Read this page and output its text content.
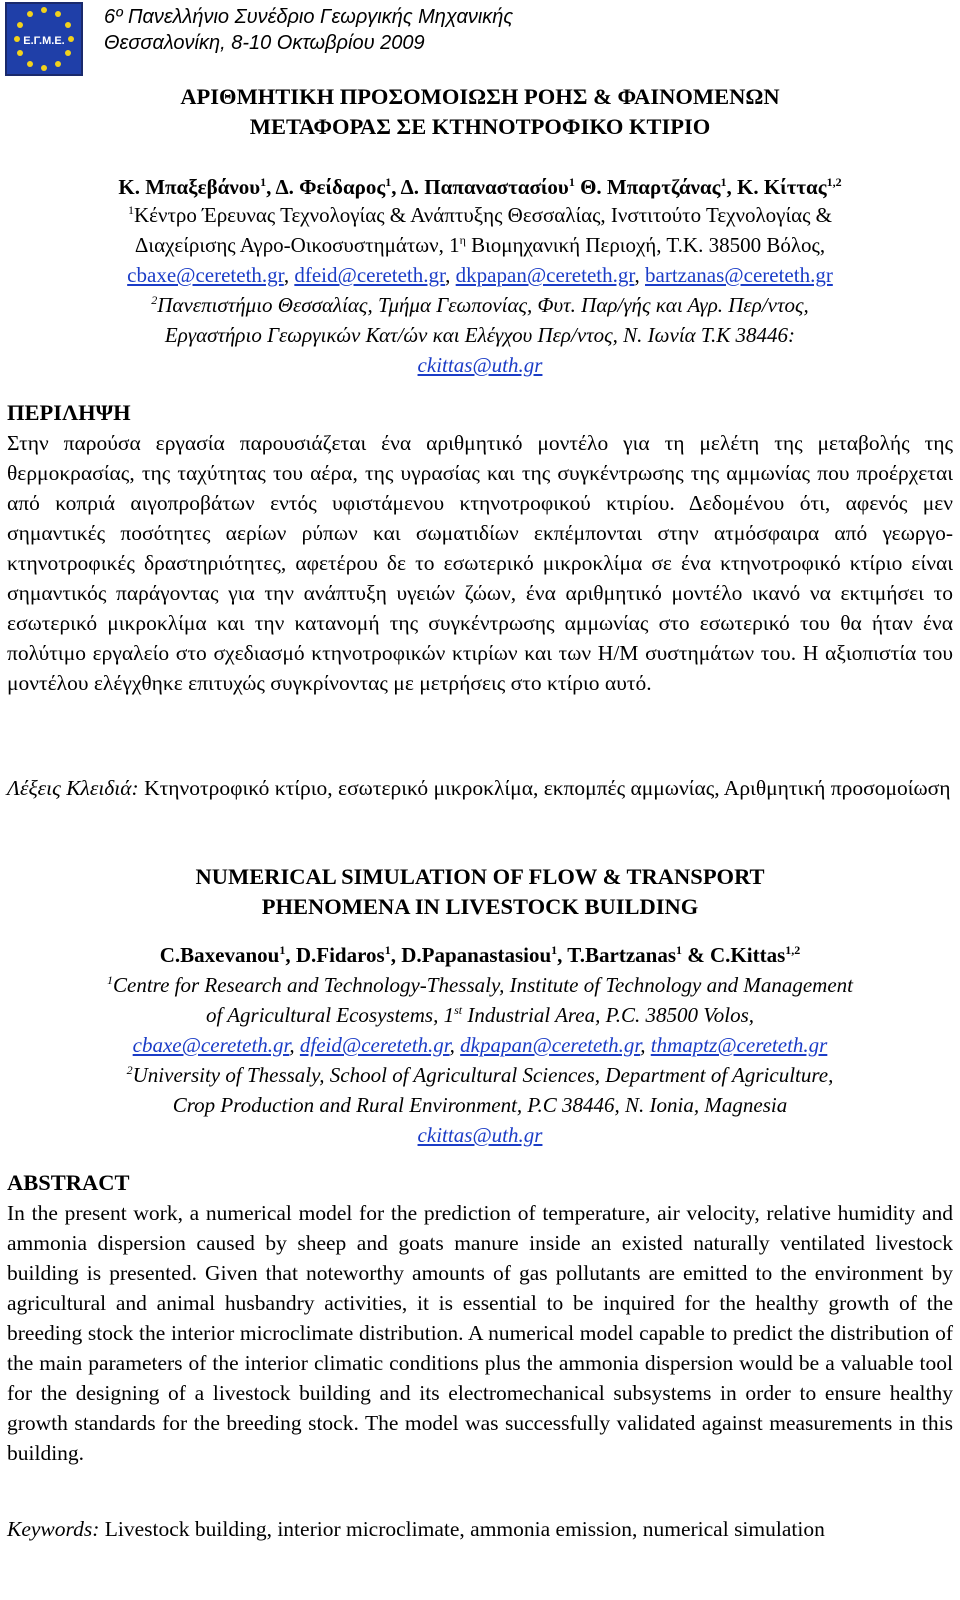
Ε.Γ.Μ.Ε.
6º Πανελλήνιο Συνέδριο Γεωργικής Μηχανικής
Θεσσαλονίκη, 8-10 Οκτωβρίου 2009
ΑΡΙΘΜΗΤΙΚΗ ΠΡΟΣΟΜΟΙΩΣΗ ΡΟΗΣ & ΦΑΙΝΟΜΕΝΩΝ
ΜΕΤΑΦΟΡΑΣ ΣΕ ΚΤΗΝΟΤΡΟΦΙΚΟ ΚΤΙΡΙΟ
Κ. Μπαξεβάνου$^1$, Δ. Φείδαρος$^1$, Δ. Παπαναστασίου$^1$ Θ. Μπαρτζάνας$^1$, Κ. Κίττας$^{1,2}$
$^1$Κέντρο Έρευνας Τεχνολογίας & Ανάπτυξης Θεσσαλίας, Ινστιτούτο Τεχνολογίας &
Διαχείρισης Αγρο-Οικοσυστημάτων, $1^\eta$ Βιομηχανική Περιοχή, Τ.Κ. 38500 Βόλος,
cbaxe@cereteth.gr, dfeid@cereteth.gr, dkpapan@cereteth.gr, bartzanas@cereteth.gr
$^2$Πανεπιστήμιο Θεσσαλίας, Τμήμα Γεωπονίας, Φυτ. Παρ/γής και Αγρ. Περ/ντος,
Εργαστήριο Γεωργικών Κατ/ών και Ελέγχου Περ/ντος, Ν. Ιωνία Τ.Κ 38446:
ckittas@uth.gr
ΠΕΡΙΛΗΨΗ
Στην παρούσα εργασία παρουσιάζεται ένα αριθμητικό μοντέλο για τη μελέτη της μεταβολής της θερμοκρασίας, της ταχύτητας του αέρα, της υγρασίας και της συγκέντρωσης της αμμωνίας που προέρχεται από κοπριά αιγοπροβάτων εντός υφιστάμενου κτηνοτροφικού κτιρίου. Δεδομένου ότι, αφενός μεν σημαντικές ποσότητες αερίων ρύπων και σωματιδίων εκπέμπονται στην ατμόσφαιρα από γεωργο-κτηνοτροφικές δραστηριότητες, αφετέρου δε το εσωτερικό μικροκλίμα σε ένα κτηνοτροφικό κτίριο είναι σημαντικός παράγοντας για την ανάπτυξη υγειών ζώων, ένα αριθμητικό μοντέλο ικανό να εκτιμήσει το εσωτερικό μικροκλίμα και την κατανομή της συγκέντρωσης αμμωνίας στο εσωτερικό του θα ήταν ένα πολύτιμο εργαλείο στο σχεδιασμό κτηνοτροφικών κτιρίων και των Η/Μ συστημάτων του. Η αξιοπιστία του μοντέλου ελέγχθηκε επιτυχώς συγκρίνοντας με μετρήσεις στο κτίριο αυτό.
Λέξεις Κλειδιά: Κτηνοτροφικό κτίριο, εσωτερικό μικροκλίμα, εκπομπές αμμωνίας, Αριθμητική προσομοίωση
NUMERICAL SIMULATION OF FLOW & TRANSPORT
PHENOMENA IN LIVESTOCK BUILDING
C.Baxevanou$^1$, D.Fidaros$^1$, D.Papanastasiou$^1$, T.Bartzanas$^1$ & C.Kittas$^{1,2}$
$^1$Centre for Research and Technology-Thessaly, Institute of Technology and Management
of Agricultural Ecosystems, 1st Industrial Area, P.C. 38500 Volos,
cbaxe@cereteth.gr, dfeid@cereteth.gr, dkpapan@cereteth.gr, thmaptz@cereteth.gr
$^2$University of Thessaly, School of Agricultural Sciences, Department of Agriculture,
Crop Production and Rural Environment, P.C 38446, N. Ionia, Magnesia
ckittas@uth.gr
ABSTRACT
In the present work, a numerical model for the prediction of temperature, air velocity, relative humidity and ammonia dispersion caused by sheep and goats manure inside an existed naturally ventilated livestock building is presented. Given that noteworthy amounts of gas pollutants are emitted to the environment by agricultural and animal husbandry activities, it is essential to be inquired for the healthy growth of the breeding stock the interior microclimate distribution. A numerical model capable to predict the distribution of the main parameters of the interior climatic conditions plus the ammonia dispersion would be a valuable tool for the designing of a livestock building and its electromechanical subsystems in order to ensure healthy growth standards for the breeding stock. The model was successfully validated against measurements in this building.
Keywords: Livestock building, interior microclimate, ammonia emission, numerical simulation
